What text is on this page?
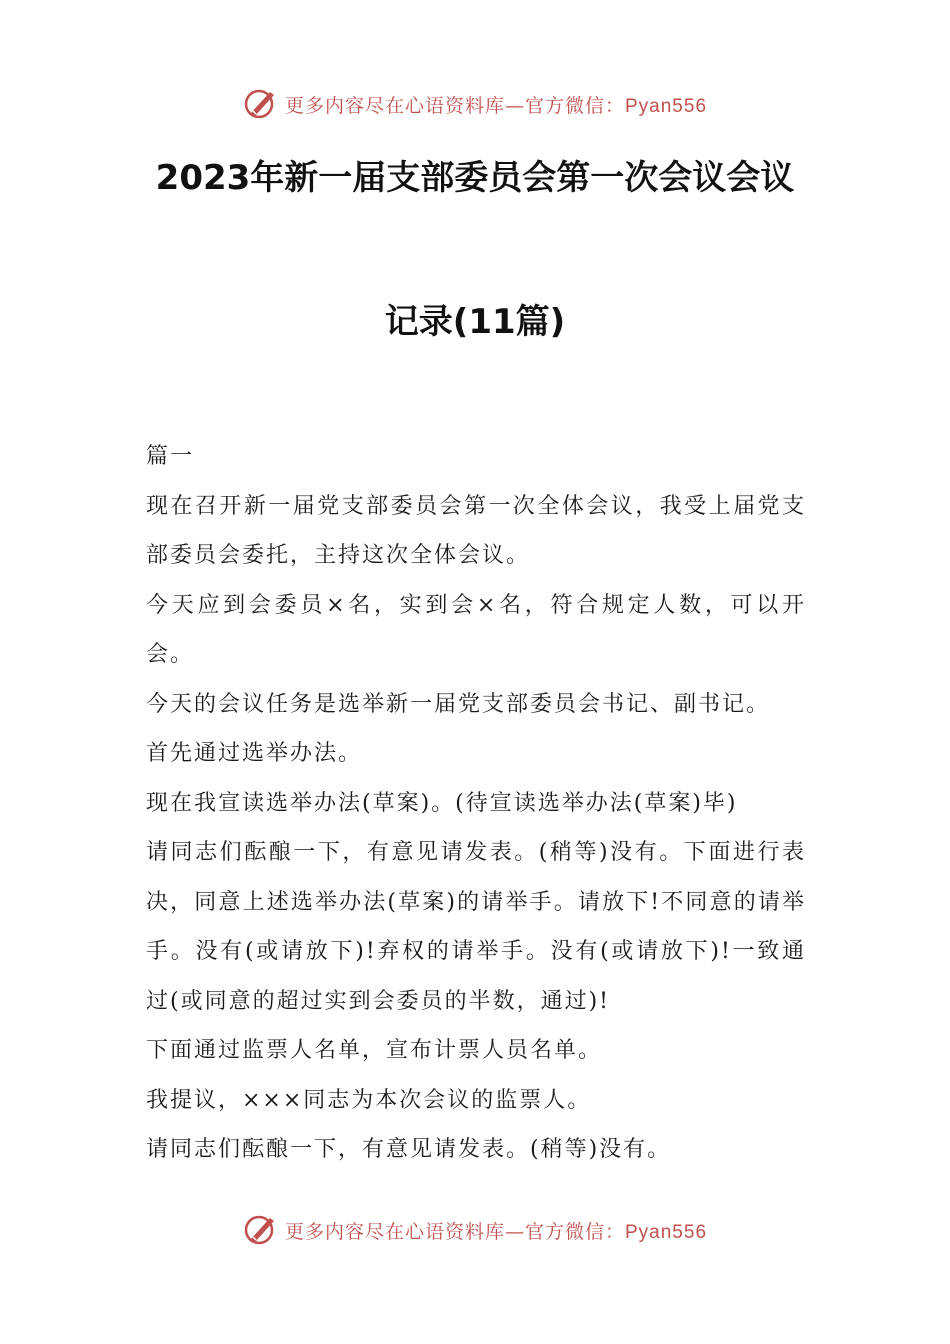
更多内容尽在心语资料库—官方微信：Pyan556
2023年新一届支部委员会第一次会议会议
记录(11篇)

篇一

现在召开新一届党支部委员会第一次全体会议，我受上届党支部委员会委托，主持这次全体会议。

今天应到会委员×名，实到会×名，符合规定人数，可以开会。

今天的会议任务是选举新一届党支部委员会书记、副书记。

首先通过选举办法。

现在我宣读选举办法(草案)。(待宣读选举办法(草案)毕)

请同志们酝酿一下，有意见请发表。(稍等)没有。下面进行表决，同意上述选举办法(草案)的请举手。请放下!不同意的请举手。没有(或请放下)!弃权的请举手。没有(或请放下)!一致通过(或同意的超过实到会委员的半数，通过)!

下面通过监票人名单，宣布计票人员名单。

我提议，×××同志为本次会议的监票人。

请同志们酝酿一下，有意见请发表。(稍等)没有。

更多内容尽在心语资料库—官方微信：Pyan556
